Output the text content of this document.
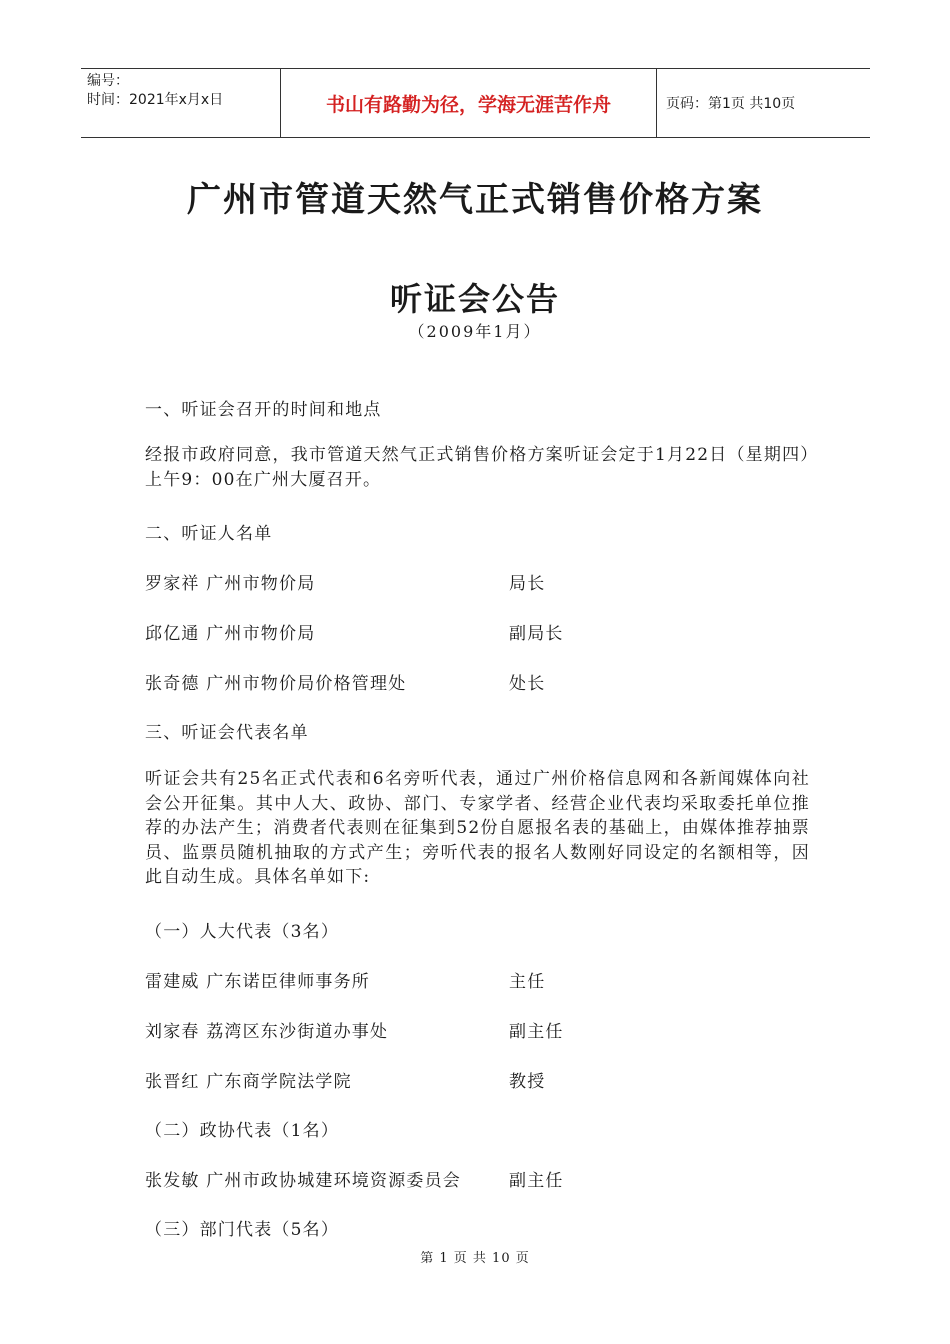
编号：
时间：2021年x月x日	书山有路勤为径，学海无涯苦作舟	页码：第1页 共10页
广州市管道天然气正式销售价格方案
听证会公告
（2009年1月）
一、听证会召开的时间和地点
经报市政府同意，我市管道天然气正式销售价格方案听证会定于1月22日（星期四）上午9：00在广州大厦召开。
二、听证人名单
罗家祥 广州市物价局	局长
邱亿通 广州市物价局	副局长
张奇德 广州市物价局价格管理处	处长
三、听证会代表名单
听证会共有25名正式代表和6名旁听代表，通过广州价格信息网和各新闻媒体向社会公开征集。其中人大、政协、部门、专家学者、经营企业代表均采取委托单位推荐的办法产生；消费者代表则在征集到52份自愿报名表的基础上，由媒体推荐抽票员、监票员随机抽取的方式产生；旁听代表的报名人数刚好同设定的名额相等，因此自动生成。具体名单如下:
（一）人大代表（3名）
雷建威 广东诺臣律师事务所	主任
刘家春 荔湾区东沙街道办事处	副主任
张晋红 广东商学院法学院	教授
（二）政协代表（1名）
张发敏 广州市政协城建环境资源委员会	副主任
（三）部门代表（5名）
第 1 页 共 10 页
